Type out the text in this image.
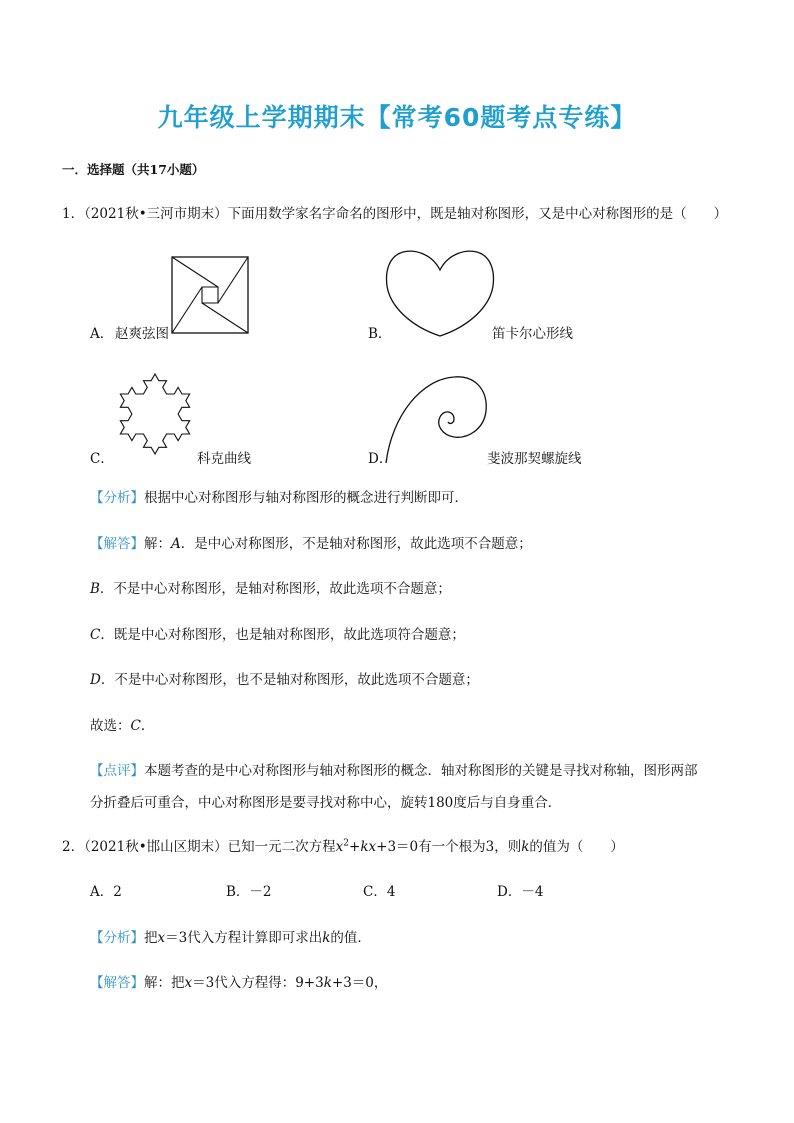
九年级上学期期末【常考60题考点专练】
一．选择题（共17小题）
1．（2021秋•三河市期末）下面用数学家名字命名的图形中，既是轴对称图形，又是中心对称图形的是（　　）
A． 赵爽弦图	B．	笛卡尔心形线
C．	科克曲线	D．	斐波那契螺旋线
【分析】根据中心对称图形与轴对称图形的概念进行判断即可．
【解答】解：A．是中心对称图形，不是轴对称图形，故此选项不合题意；
B．不是中心对称图形，是轴对称图形，故此选项不合题意；
C．既是中心对称图形，也是轴对称图形，故此选项符合题意；
D．不是中心对称图形，也不是轴对称图形，故此选项不合题意；
故选：C．
【点评】本题考查的是中心对称图形与轴对称图形的概念．轴对称图形的关键是寻找对称轴，图形两部
分折叠后可重合，中心对称图形是要寻找对称中心，旋转180度后与自身重合．
2．（2021秋•邯山区期末）已知一元二次方程$x^2+kx+3=0$有一个根为3，则k的值为（　　）
A．2	B．－2	C．4	D．－4
【分析】把x＝3代入方程计算即可求出k的值．
【解答】解：把x＝3代入方程得：9+3k+3＝0，
